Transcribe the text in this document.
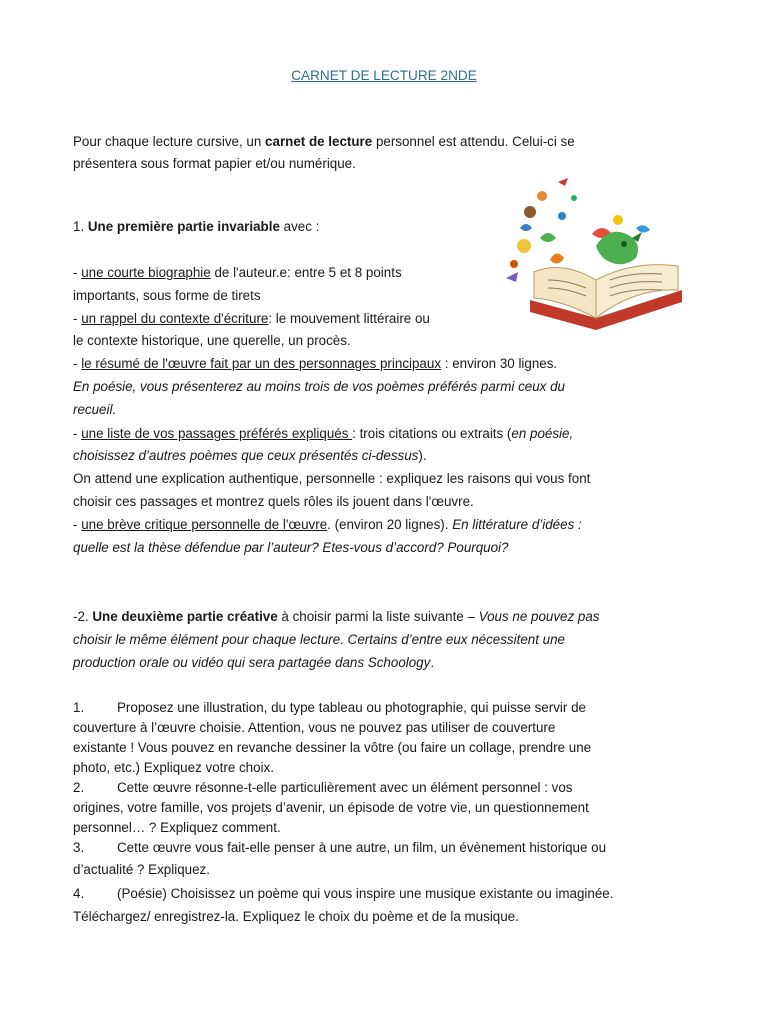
CARNET DE LECTURE 2NDE
Pour chaque lecture cursive, un carnet de lecture personnel est attendu. Celui-ci se
présentera sous format papier et/ou numérique.
1. Une première partie invariable avec :
- une courte biographie de l'auteur.e: entre 5 et 8 points
importants, sous forme de tirets
- un rappel du contexte d'écriture: le mouvement littéraire ou
le contexte historique, une querelle, un procès.
- le résumé de l'œuvre fait par un des personnages principaux : environ 30 lignes.
En poésie, vous présenterez au moins trois de vos poèmes préférés parmi ceux du
recueil.
- une liste de vos passages préférés expliqués : trois citations ou extraits (en poésie,
choisissez d’autres poèmes que ceux présentés ci-dessus).
On attend une explication authentique, personnelle : expliquez les raisons qui vous font
choisir ces passages et montrez quels rôles ils jouent dans l'œuvre.
- une brève critique personnelle de l'œuvre. (environ 20 lignes). En littérature d’idées :
quelle est la thèse défendue par l’auteur? Etes-vous d’accord? Pourquoi?
-2. Une deuxième partie créative à choisir parmi la liste suivante – Vous ne pouvez pas
choisir le même élément pour chaque lecture. Certains d’entre eux nécessitent une
production orale ou vidéo qui sera partagée dans Schoology.
1. Proposez une illustration, du type tableau ou photographie, qui puisse servir de
couverture à l’œuvre choisie. Attention, vous ne pouvez pas utiliser de couverture
existante ! Vous pouvez en revanche dessiner la vôtre (ou faire un collage, prendre une
photo, etc.) Expliquez votre choix.
2. Cette œuvre résonne-t-elle particulièrement avec un élément personnel : vos
origines, votre famille, vos projets d’avenir, un épisode de votre vie, un questionnement
personnel… ? Expliquez comment.
3. Cette œuvre vous fait-elle penser à une autre, un film, un évènement historique ou
d’actualité ? Expliquez.
4. (Poésie) Choisissez un poème qui vous inspire une musique existante ou imaginée.
Téléchargez/ enregistrez-la. Expliquez le choix du poème et de la musique.
